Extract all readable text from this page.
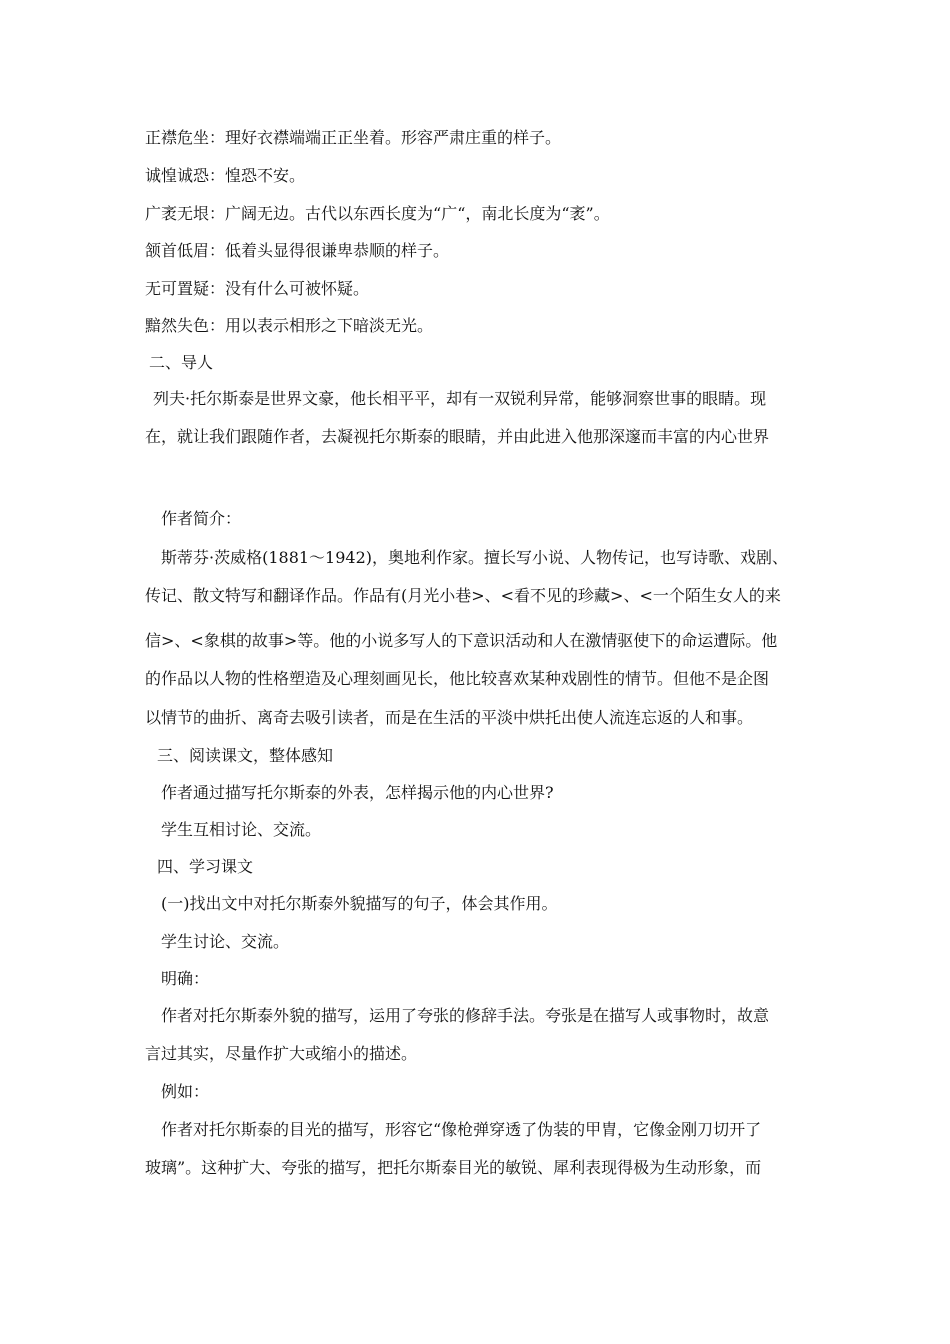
正襟危坐：理好衣襟端端正正坐着。形容严肃庄重的样子。
诚惶诚恐：惶恐不安。
广袤无垠：广阔无边。古代以东西长度为“广“，南北长度为“袤”。
颔首低眉：低着头显得很谦卑恭顺的样子。
无可置疑：没有什么可被怀疑。
黯然失色：用以表示相形之下暗淡无光。
二、导人
列夫·托尔斯泰是世界文豪，他长相平平，却有一双锐利异常，能够洞察世事的眼睛。现
在，就让我们跟随作者，去凝视托尔斯泰的眼睛，并由此进入他那深邃而丰富的内心世界
作者简介：
斯蒂芬·茨威格(1881～1942)，奥地利作家。擅长写小说、人物传记，也写诗歌、戏剧、
传记、散文特写和翻译作品。作品有(月光小巷>、<看不见的珍藏>、<一个陌生女人的来
信>、<象棋的故事>等。他的小说多写人的下意识活动和人在激情驱使下的命运遭际。他
的作品以人物的性格塑造及心理刻画见长，他比较喜欢某种戏剧性的情节。但他不是企图
以情节的曲折、离奇去吸引读者，而是在生活的平淡中烘托出使人流连忘返的人和事。
三、阅读课文，整体感知
作者通过描写托尔斯泰的外表，怎样揭示他的内心世界?
学生互相讨论、交流。
四、学习课文
(一)找出文中对托尔斯泰外貌描写的句子，体会其作用。
学生讨论、交流。
明确：
作者对托尔斯泰外貌的描写，运用了夸张的修辞手法。夸张是在描写人或事物时，故意
言过其实，尽量作扩大或缩小的描述。
例如：
作者对托尔斯泰的目光的描写，形容它“像枪弹穿透了伪装的甲胄，它像金刚刀切开了
玻璃”。这种扩大、夸张的描写，把托尔斯泰目光的敏锐、犀利表现得极为生动形象，而
